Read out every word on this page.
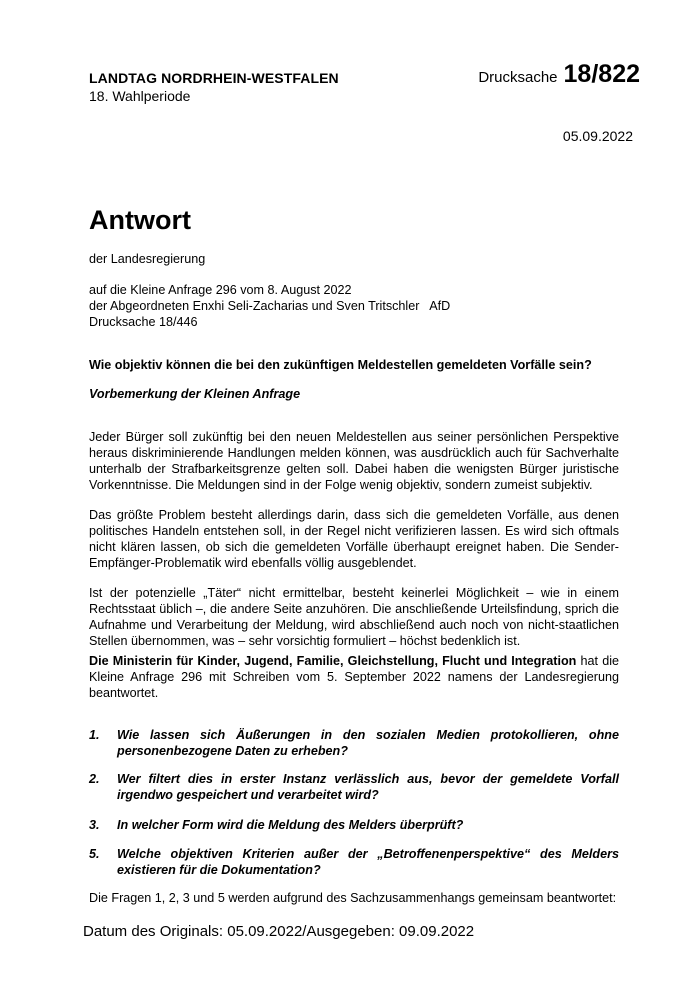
LANDTAG NORDRHEIN-WESTFALEN
18. Wahlperiode
Drucksache 18/822
05.09.2022
Antwort
der Landesregierung
auf die Kleine Anfrage 296 vom 8. August 2022
der Abgeordneten Enxhi Seli-Zacharias und Sven Tritschler   AfD
Drucksache 18/446
Wie objektiv können die bei den zukünftigen Meldestellen gemeldeten Vorfälle sein?
Vorbemerkung der Kleinen Anfrage

Jeder Bürger soll zukünftig bei den neuen Meldestellen aus seiner persönlichen Perspektive heraus diskriminierende Handlungen melden können, was ausdrücklich auch für Sachverhalte unterhalb der Strafbarkeitsgrenze gelten soll. Dabei haben die wenigsten Bürger juristische Vorkenntnisse. Die Meldungen sind in der Folge wenig objektiv, sondern zumeist subjektiv.

Das größte Problem besteht allerdings darin, dass sich die gemeldeten Vorfälle, aus denen politisches Handeln entstehen soll, in der Regel nicht verifizieren lassen. Es wird sich oftmals nicht klären lassen, ob sich die gemeldeten Vorfälle überhaupt ereignet haben. Die Sender-Empfänger-Problematik wird ebenfalls völlig ausgeblendet.

Ist der potenzielle „Täter“ nicht ermittelbar, besteht keinerlei Möglichkeit – wie in einem Rechtsstaat üblich –, die andere Seite anzuhören. Die anschließende Urteilsfindung, sprich die Aufnahme und Verarbeitung der Meldung, wird abschließend auch noch von nicht-staatlichen Stellen übernommen, was – sehr vorsichtig formuliert – höchst bedenklich ist.

Die Ministerin für Kinder, Jugend, Familie, Gleichstellung, Flucht und Integration hat die Kleine Anfrage 296 mit Schreiben vom 5. September 2022 namens der Landesregierung beantwortet.

1.	Wie lassen sich Äußerungen in den sozialen Medien protokollieren, ohne personenbezogene Daten zu erheben?
2.	Wer filtert dies in erster Instanz verlässlich aus, bevor der gemeldete Vorfall irgendwo gespeichert und verarbeitet wird?
3.	In welcher Form wird die Meldung des Melders überprüft?
5.	Welche objektiven Kriterien außer der „Betroffenenperspektive“ des Melders existieren für die Dokumentation?
Die Fragen 1, 2, 3 und 5 werden aufgrund des Sachzusammenhangs gemeinsam beantwortet:
Datum des Originals: 05.09.2022/Ausgegeben: 09.09.2022
